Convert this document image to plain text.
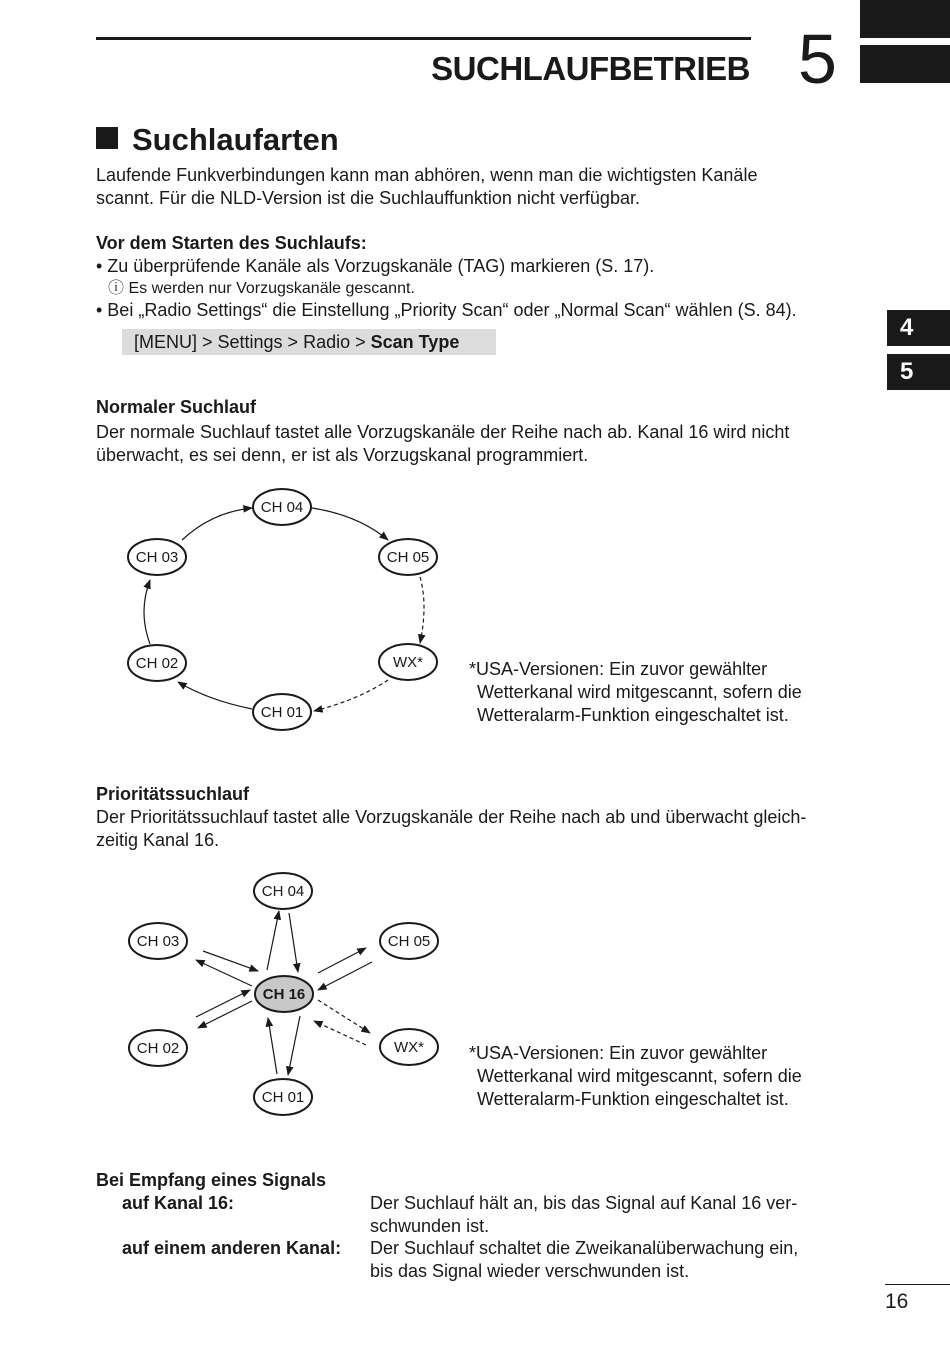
SUCHLAUFBETRIEB 5
4
5
Suchlaufarten
Laufende Funkverbindungen kann man abhören, wenn man die wichtigsten Kanäle
scannt. Für die NLD-Version ist die Suchlauffunktion nicht verfügbar.
Vor dem Starten des Suchlaufs:
• Zu überprüfende Kanäle als Vorzugskanäle (TAG) markieren (S. 17).
ⓘ Es werden nur Vorzugskanäle gescannt.
• Bei „Radio Settings“ die Einstellung „Priority Scan“ oder „Normal Scan“ wählen (S. 84).
[MENU] > Settings > Radio > Scan Type
Normaler Suchlauf
Der normale Suchlauf tastet alle Vorzugskanäle der Reihe nach ab. Kanal 16 wird nicht
überwacht, es sei denn, er ist als Vorzugskanal programmiert.
CH 04
CH 05
CH 03
CH 02	WX*
CH 01
CH 04
CH 05
CH 03
CH 16
CH 02	WX*
CH 01
*USA-Versionen: Ein zuvor gewählter
Wetterkanal wird mitgescannt, sofern die
Wetteralarm-Funktion eingeschaltet ist.
Prioritätssuchlauf
Der Prioritätssuchlauf tastet alle Vorzugskanäle der Reihe nach ab und überwacht gleich-
zeitig Kanal 16.
*USA-Versionen: Ein zuvor gewählter
Wetterkanal wird mitgescannt, sofern die
Wetteralarm-Funktion eingeschaltet ist.
Bei Empfang eines Signals
auf Kanal 16:	Der Suchlauf hält an, bis das Signal auf Kanal 16 ver-
schwunden ist.
auf einem anderen Kanal: Der Suchlauf schaltet die Zweikanalüberwachung ein,
bis das Signal wieder verschwunden ist.
16
